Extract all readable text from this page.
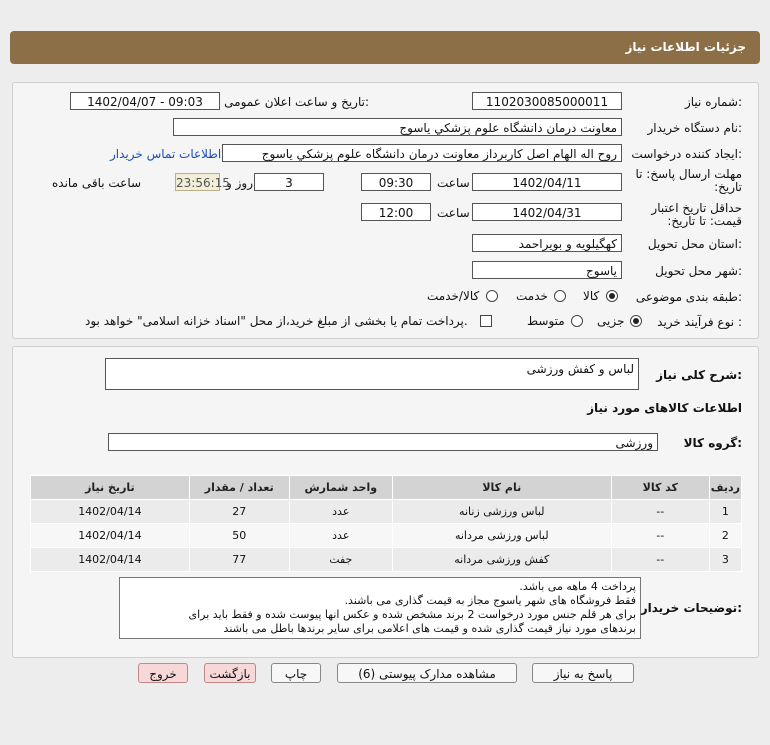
جزئیات اطلاعات نیاز
شماره نیاز:
1102030085000011
تاریخ و ساعت اعلان عمومی:
1402/04/07 - 09:03
نام دستگاه خریدار:
معاونت درمان دانشگاه علوم پزشکي ياسوج
ایجاد کننده درخواست:
روح اله الهام اصل کاربرداز معاونت درمان دانشگاه علوم پزشکي ياسوج
اطلاعات تماس خریدار
مهلت ارسال پاسخ: تا تاریخ:
1402/04/11
ساعت
09:30
3
روز و
23:56:15
ساعت باقی مانده
حداقل تاریخ اعتبار قیمت: تا تاریخ:
1402/04/31
ساعت
12:00
استان محل تحویل:
کهگيلويه و بويراحمد
شهر محل تحویل:
ياسوج
طبقه بندی موضوعی:
کالا
خدمت
کالا/خدمت
نوع فرآیند خرید :
جزیی
متوسط
پرداخت تمام یا بخشی از مبلغ خرید،از محل "اسناد خزانه اسلامی" خواهد بود.
شرح کلی نیاز:
لباس و کفش ورزشی
اطلاعات کالاهای مورد نیاز
گروه کالا:
ورزشی
ردیف	کد کالا	نام کالا	واحد شمارش	تعداد / مقدار	تاریخ نیاز
1	--	لباس ورزشی زنانه	عدد	27	1402/04/14
2	--	لباس ورزشی مردانه	عدد	50	1402/04/14
3	--	کفش ورزشی مردانه	جفت	77	1402/04/14
توضیحات خریدار:
پرداخت 4 ماهه می باشد.
فقط فروشگاه های شهر یاسوج مجاز به قیمت گذاری می باشند.
برای هر قلم جنس مورد درخواست 2 برند مشخص شده و عکس انها پیوست شده و فقط باید برای
برندهای مورد نیاز قیمت گذاری شده و قیمت های اعلامی برای سایر برندها باطل می باشند
پاسخ به نیاز
مشاهده مدارک پیوستی (6)
چاپ
بازگشت
خروج
